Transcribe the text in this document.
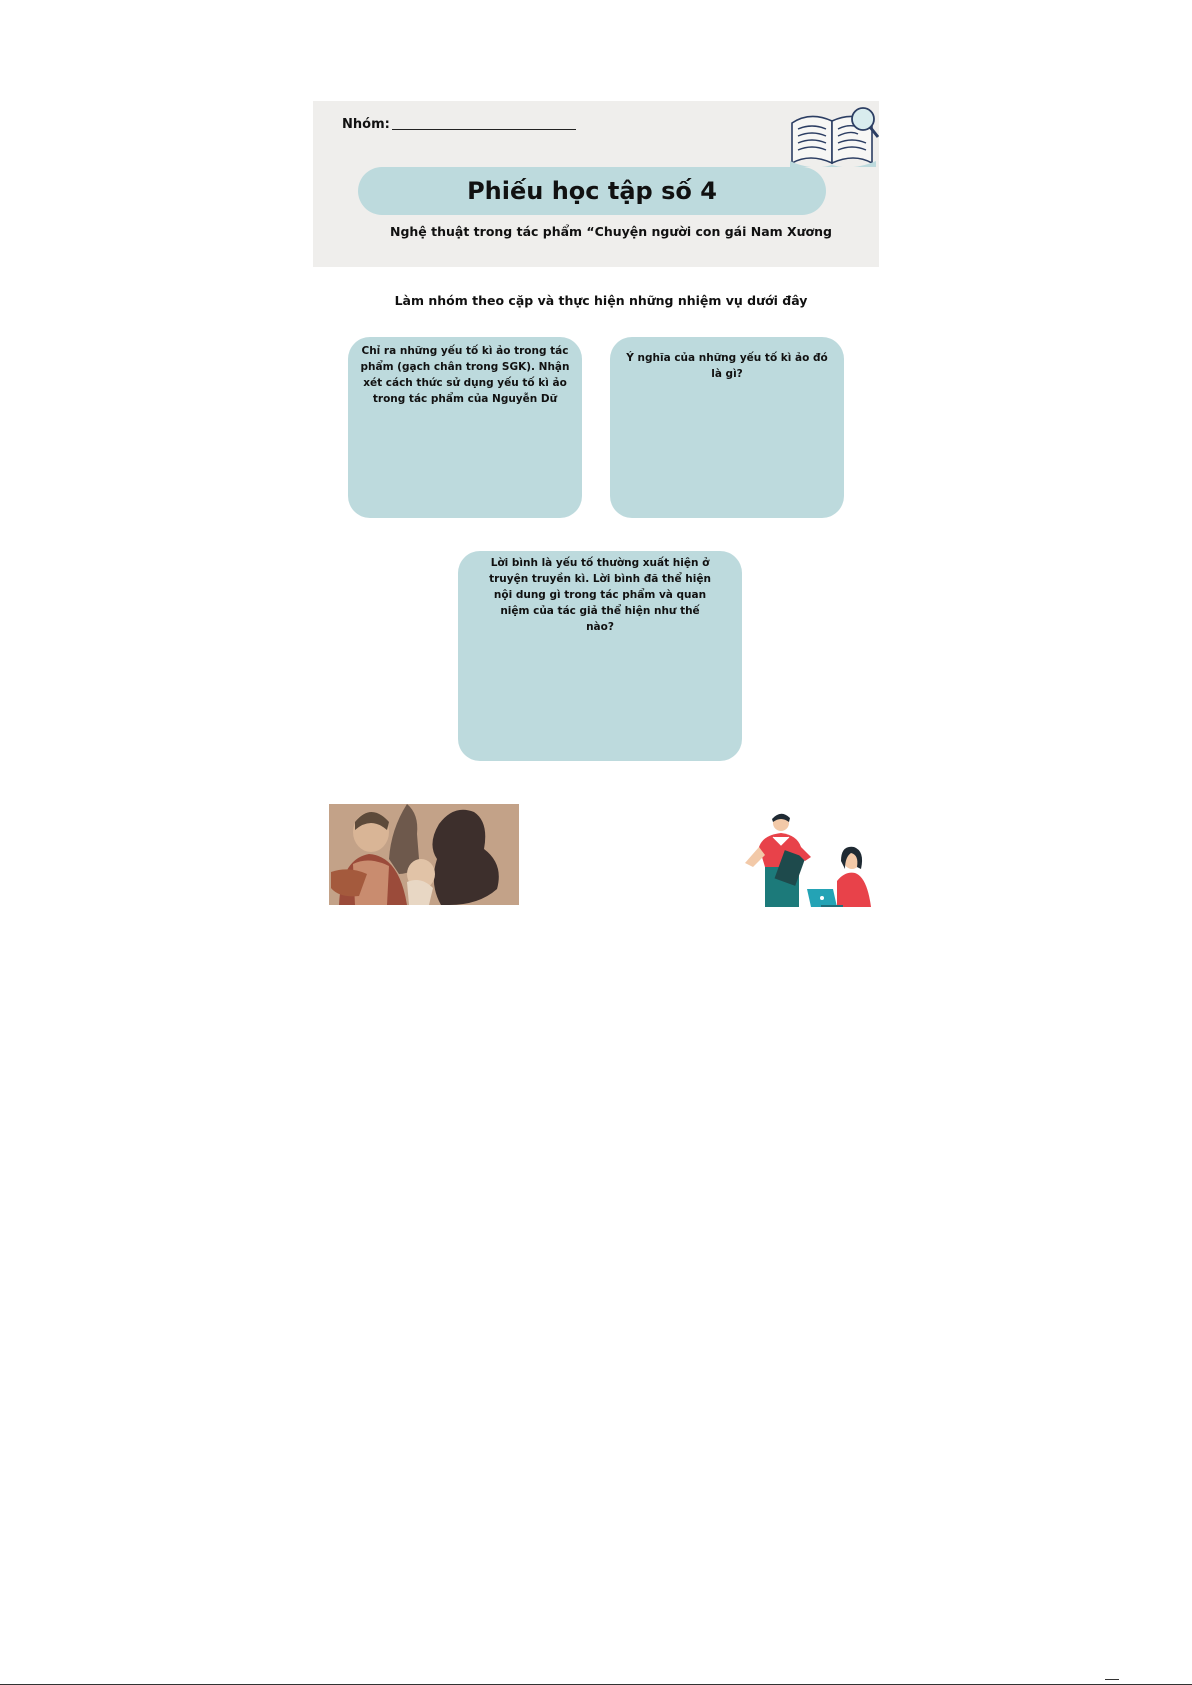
Nhóm:
Phiếu học tập số 4
Nghệ thuật trong tác phẩm “Chuyện người con gái Nam Xương
Làm nhóm theo cặp và thực hiện những nhiệm vụ dưới đây
Chỉ ra những yếu tố kì ảo trong tác phẩm (gạch chân trong SGK). Nhận xét cách thức sử dụng yếu tố kì ảo trong tác phẩm của Nguyễn Dữ
Ý nghĩa của những yếu tố kì ảo đó là gì?
Lời bình là yếu tố thường xuất hiện ở truyện truyền kì. Lời bình đã thể hiện nội dung gì trong tác phẩm và quan niệm của tác giả thể hiện như thế nào?
